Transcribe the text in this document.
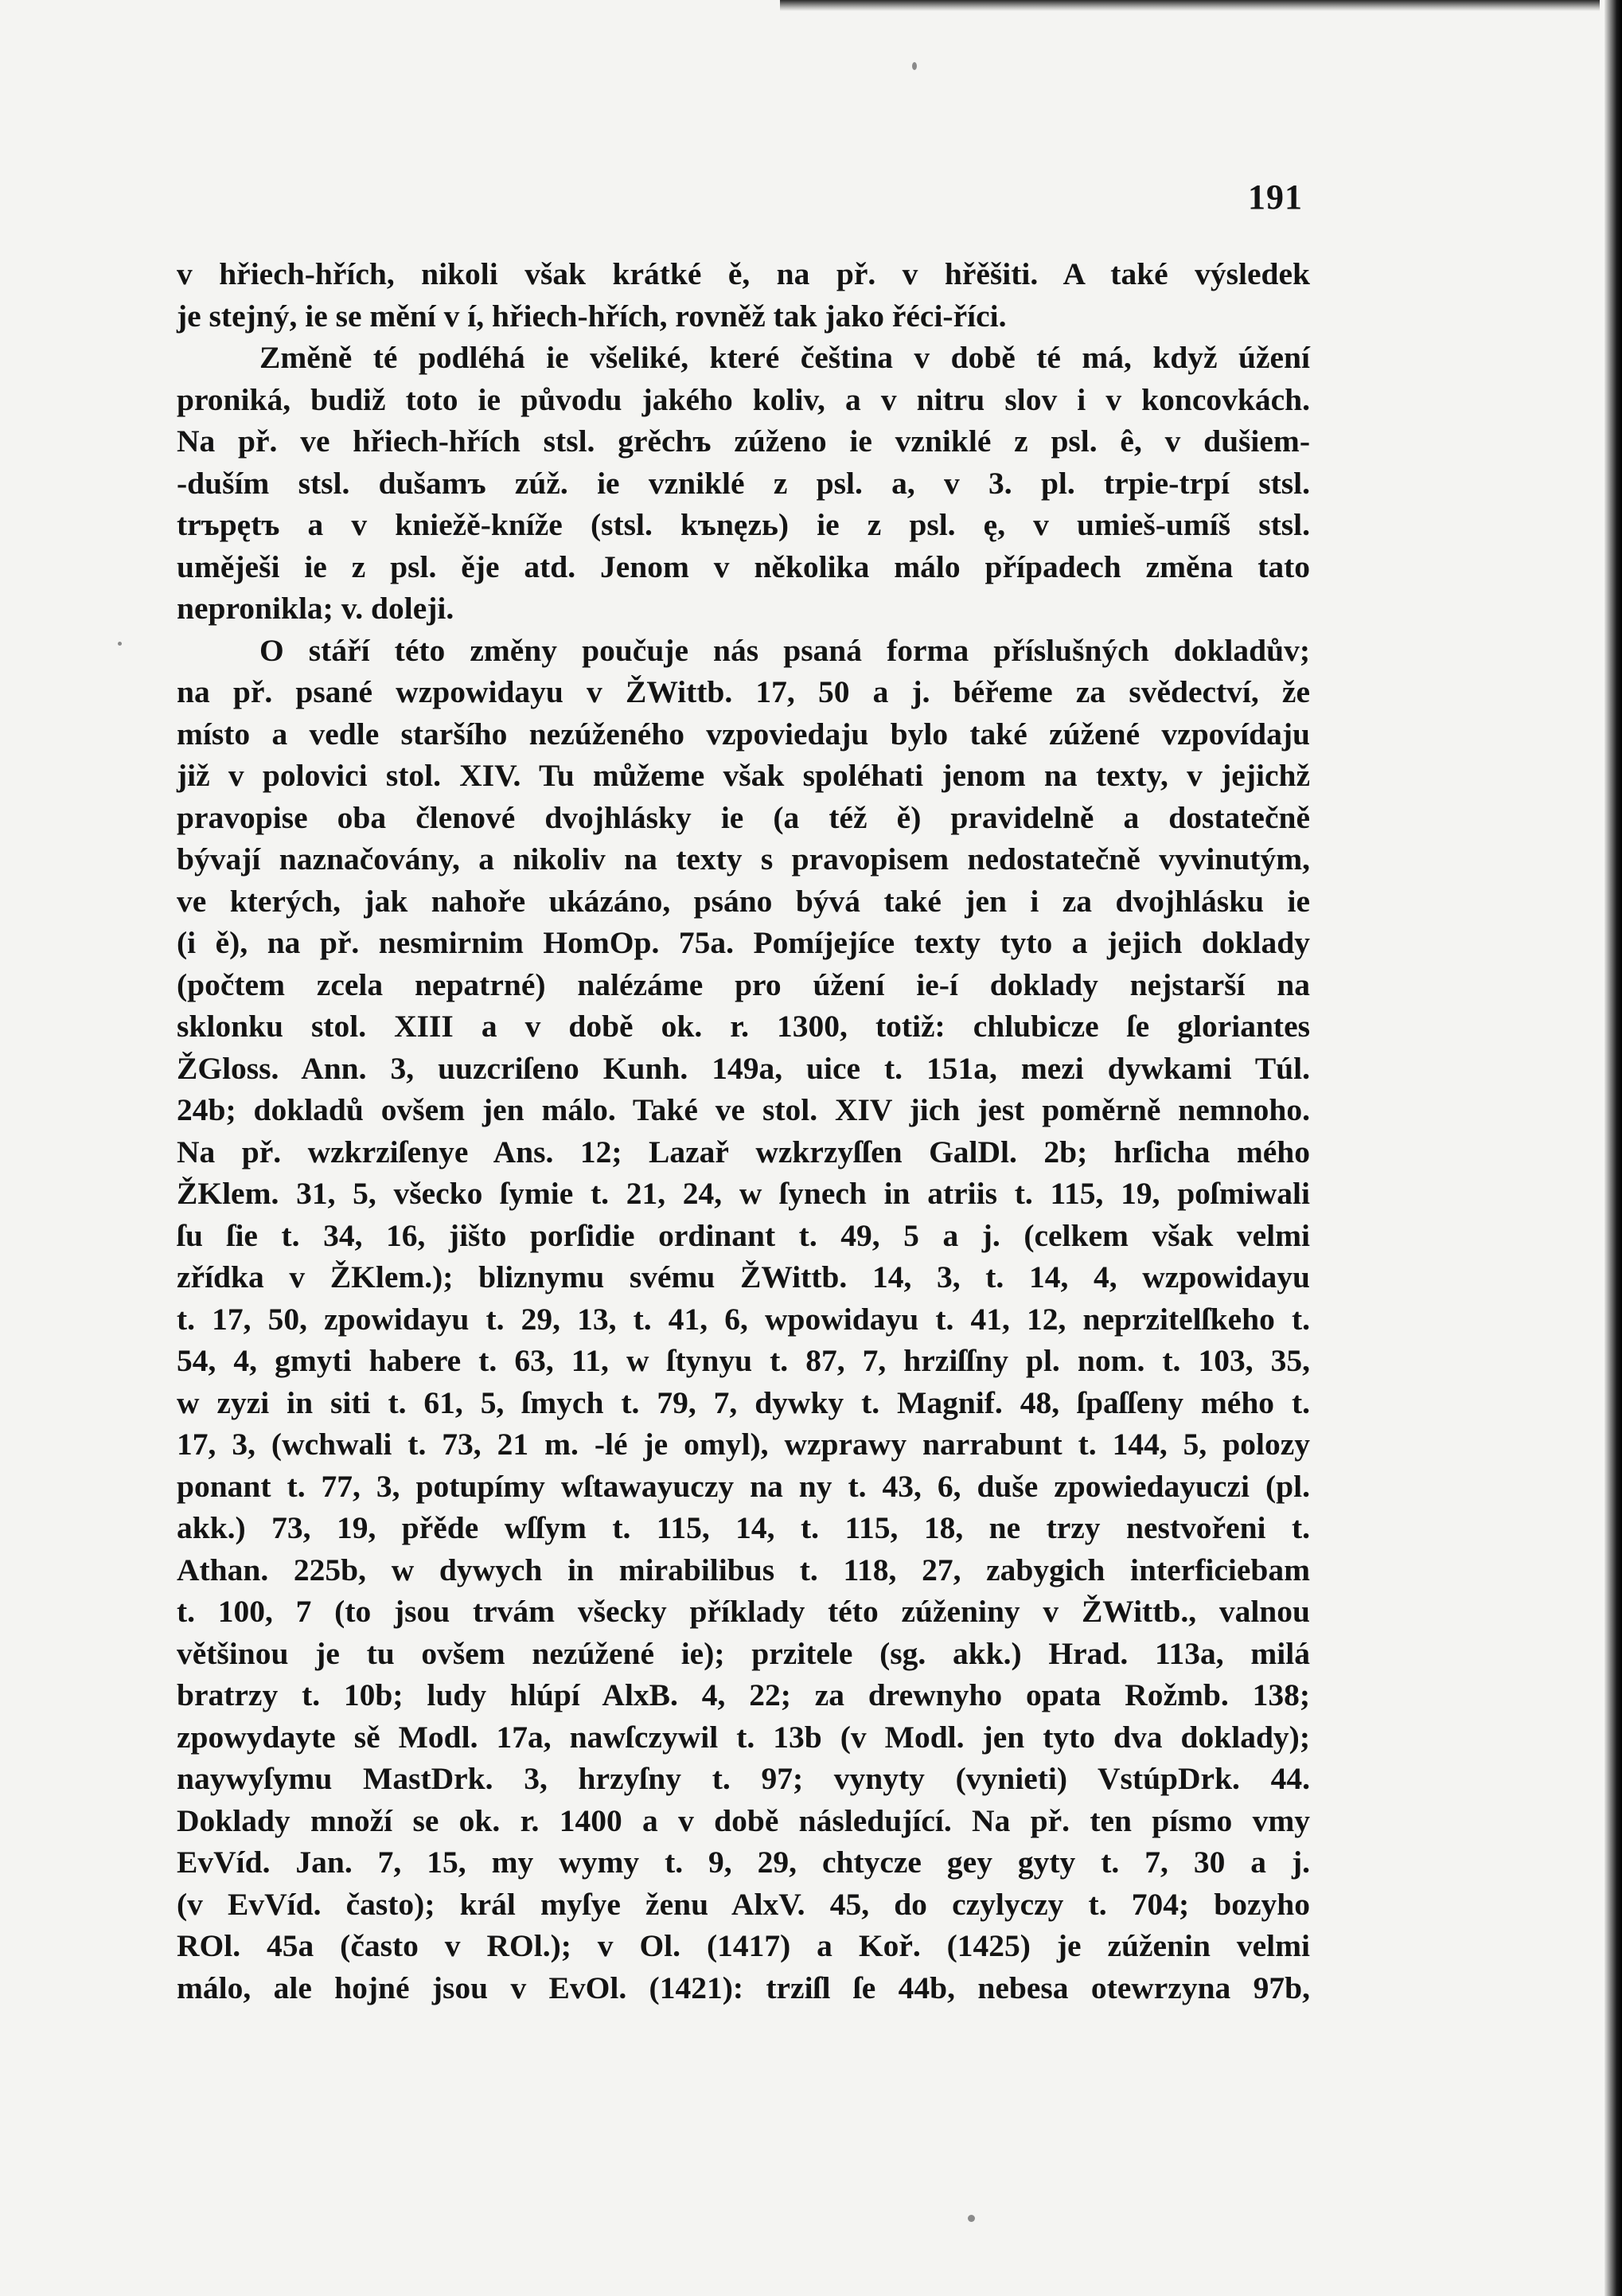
191
v hřiech-hřích, nikoli však krátké ě, na př. v hřěšiti. A také výsledek
je stejný, ie se mění v í, hřiech-hřích, rovněž tak jako řéci-říci.
Změně té podléhá ie všeliké, které čeština v době té má, když úžení
proniká, budiž toto ie původu jakého koliv, a v nitru slov i v koncovkách.
Na př. ve hřiech-hřích stsl. grěchъ zúženo ie vzniklé z psl. ê, v dušiem-
-duším stsl. dušamъ zúž. ie vzniklé z psl. a, v 3. pl. trpie-trpí stsl.
trъpętъ a v kniežě-kníže (stsl. kъnęzь) ie z psl. ę, v umieš-umíš stsl.
uměješi ie z psl. ěje atd. Jenom v několika málo případech změna tato
nepronikla; v. doleji.
O stáří této změny poučuje nás psaná forma příslušných dokladův;
na př. psané wzpowidayu v ŽWittb. 17, 50 a j. béřeme za svědectví, že
místo a vedle staršího nezúženého vzpoviedaju bylo také zúžené vzpovídaju
již v polovici stol. XIV. Tu můžeme však spoléhati jenom na texty, v jejichž
pravopise oba členové dvojhlásky ie (a též ě) pravidelně a dostatečně
bývají naznačovány, a nikoliv na texty s pravopisem nedostatečně vyvinutým,
ve kterých, jak nahoře ukázáno, psáno bývá také jen i za dvojhlásku ie
(i ě), na př. nesmirnim HomOp. 75a. Pomíjejíce texty tyto a jejich doklady
(počtem zcela nepatrné) nalézáme pro úžení ie-í doklady nejstarší na
sklonku stol. XIII a v době ok. r. 1300, totiž: chlubicze ſe gloriantes
ŽGloss. Ann. 3, uuzcriſeno Kunh. 149a, uice t. 151a, mezi dywkami Túl.
24b; dokladů ovšem jen málo. Také ve stol. XIV jich jest poměrně nemnoho.
Na př. wzkrziſenye Ans. 12; Lazař wzkrzyſſen GalDl. 2b; hrſicha mého
ŽKlem. 31, 5, všecko ſymie t. 21, 24, w ſynech in atriis t. 115, 19, poſmiwali
ſu ſie t. 34, 16, jišto porſidie ordinant t. 49, 5 a j. (celkem však velmi
zřídka v ŽKlem.); bliznymu svému ŽWittb. 14, 3, t. 14, 4, wzpowidayu
t. 17, 50, zpowidayu t. 29, 13, t. 41, 6, wpowidayu t. 41, 12, neprzitelſkeho t.
54, 4, gmyti habere t. 63, 11, w ſtynyu t. 87, 7, hrziſſny pl. nom. t. 103, 35,
w zyzi in siti t. 61, 5, ſmych t. 79, 7, dywky t. Magnif. 48, ſpaſſeny mého t.
17, 3, (wchwali t. 73, 21 m. -lé je omyl), wzprawy narrabunt t. 144, 5, polozy
ponant t. 77, 3, potupímy wſtawayuczy na ny t. 43, 6, duše zpowiedayuczi (pl.
akk.) 73, 19, přěde wſſym t. 115, 14, t. 115, 18, ne trzy nestvořeni t.
Athan. 225b, w dywych in mirabilibus t. 118, 27, zabygich interficiebam
t. 100, 7 (to jsou trvám všecky příklady této zúženiny v ŽWittb., valnou
většinou je tu ovšem nezúžené ie); przitele (sg. akk.) Hrad. 113a, milá
bratrzy t. 10b; ludy hlúpí AlxB. 4, 22; za drewnyho opata Rožmb. 138;
zpowydayte sě Modl. 17a, nawſczywil t. 13b (v Modl. jen tyto dva doklady);
naywyſymu MastDrk. 3, hrzyſny t. 97; vynyty (vynieti) VstúpDrk. 44.
Doklady množí se ok. r. 1400 a v době následující. Na př. ten písmo vmy
EvVíd. Jan. 7, 15, my wymy t. 9, 29, chtycze gey gyty t. 7, 30 a j.
(v EvVíd. často); král myſye ženu AlxV. 45, do czylyczy t. 704; bozyho
ROl. 45a (často v ROl.); v Ol. (1417) a Koř. (1425) je zúženin velmi
málo, ale hojné jsou v EvOl. (1421): trziſl ſe 44b, nebesa otewrzyna 97b,
